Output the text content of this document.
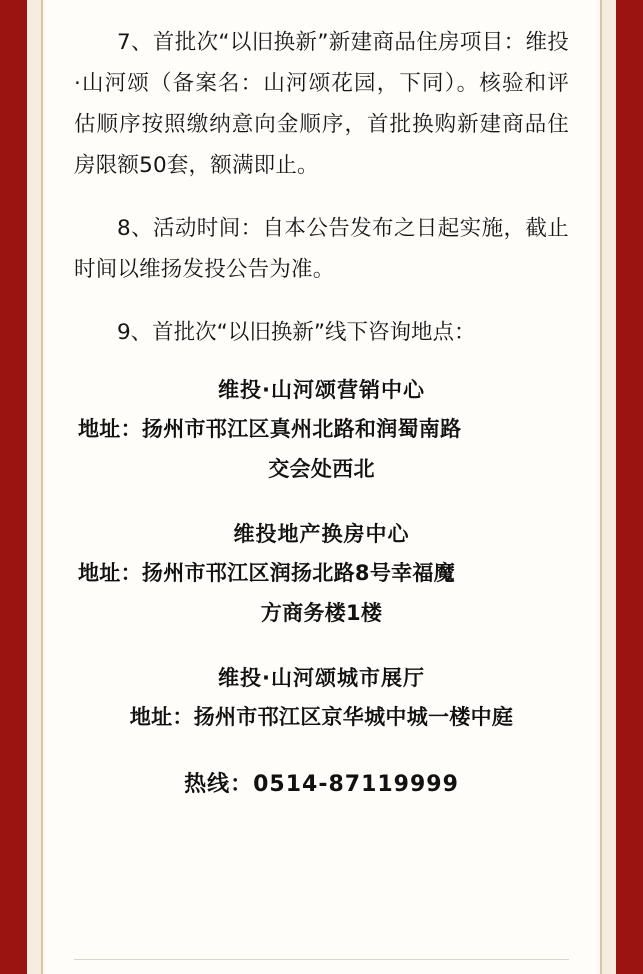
7、首批次“以旧换新”新建商品住房项目：维投·山河颂（备案名：山河颂花园，下同）。核验和评估顺序按照缴纳意向金顺序，首批换购新建商品住房限额50套，额满即止。

8、活动时间：自本公告发布之日起实施，截止时间以维扬发投公告为准。

9、首批次“以旧换新”线下咨询地点：
维投·山河颂营销中心
地址：扬州市邗江区真州北路和润蜀南路
交会处西北
维投地产换房中心
地址：扬州市邗江区润扬北路8号幸福魔
方商务楼1楼
维投·山河颂城市展厅
地址：扬州市邗江区京华城中城一楼中庭
热线：0514-87119999
